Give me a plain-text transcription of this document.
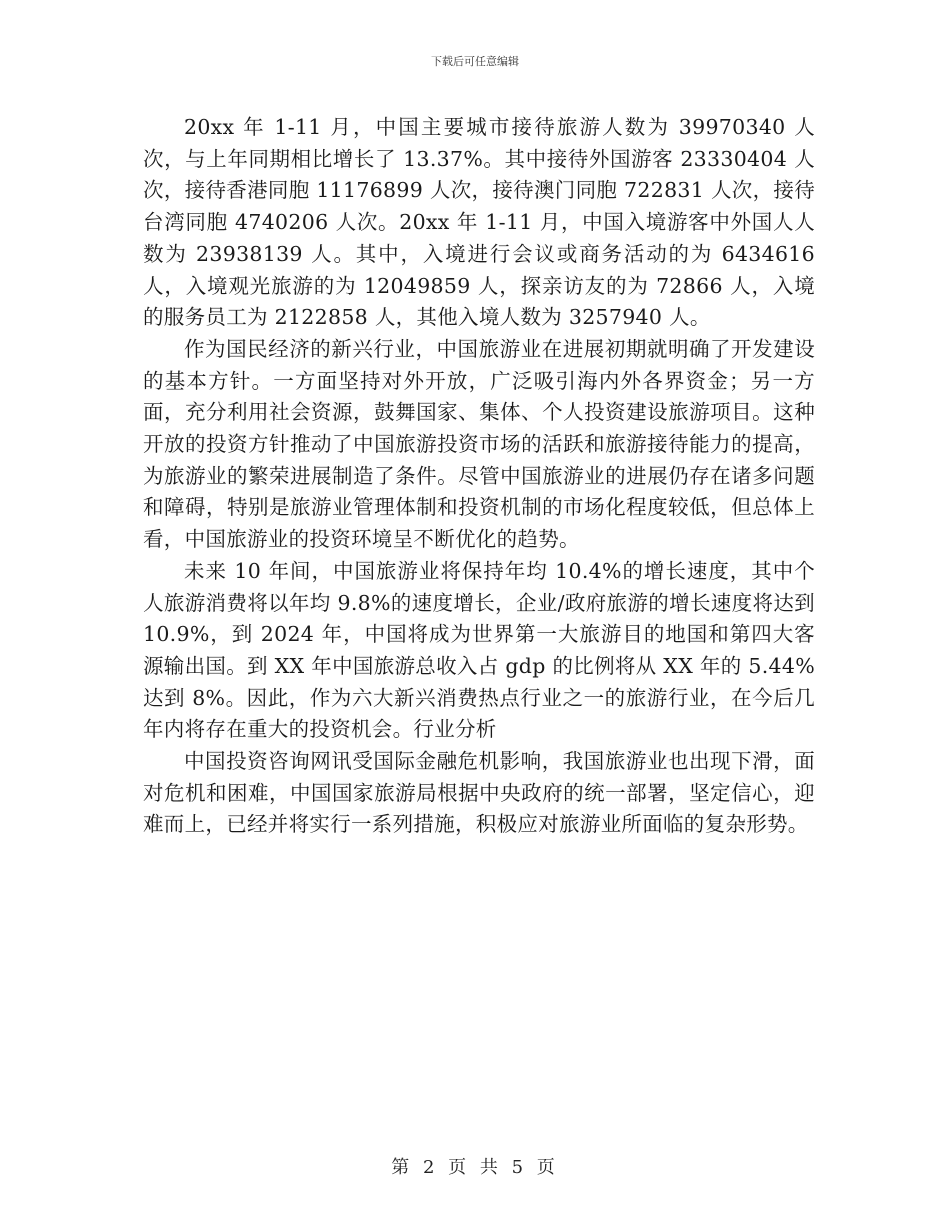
下载后可任意编辑

20xx 年 1-11 月，中国主要城市接待旅游人数为 39970340 人次，与上年同期相比增长了 13.37%。其中接待外国游客 23330404 人次，接待香港同胞 11176899 人次，接待澳门同胞 722831 人次，接待台湾同胞 4740206 人次。20xx 年 1-11 月，中国入境游客中外国人人数为 23938139 人。其中，入境进行会议或商务活动的为 6434616 人，入境观光旅游的为 12049859 人，探亲访友的为 72866 人，入境的服务员工为 2122858 人，其他入境人数为 3257940 人。

作为国民经济的新兴行业，中国旅游业在进展初期就明确了开发建设的基本方针。一方面坚持对外开放，广泛吸引海内外各界资金；另一方面，充分利用社会资源，鼓舞国家、集体、个人投资建设旅游项目。这种开放的投资方针推动了中国旅游投资市场的活跃和旅游接待能力的提高，为旅游业的繁荣进展制造了条件。尽管中国旅游业的进展仍存在诸多问题和障碍，特别是旅游业管理体制和投资机制的市场化程度较低，但总体上看，中国旅游业的投资环境呈不断优化的趋势。

未来 10 年间，中国旅游业将保持年均 10.4%的增长速度，其中个人旅游消费将以年均 9.8%的速度增长，企业/政府旅游的增长速度将达到 10.9%，到 2024 年，中国将成为世界第一大旅游目的地国和第四大客源输出国。到 XX 年中国旅游总收入占 gdp 的比例将从 XX 年的 5.44%达到 8%。因此，作为六大新兴消费热点行业之一的旅游行业，在今后几年内将存在重大的投资机会。行业分析

中国投资咨询网讯受国际金融危机影响，我国旅游业也出现下滑，面对危机和困难，中国国家旅游局根据中央政府的统一部署，坚定信心，迎难而上，已经并将实行一系列措施，积极应对旅游业所面临的复杂形势。

第 2 页 共 5 页
